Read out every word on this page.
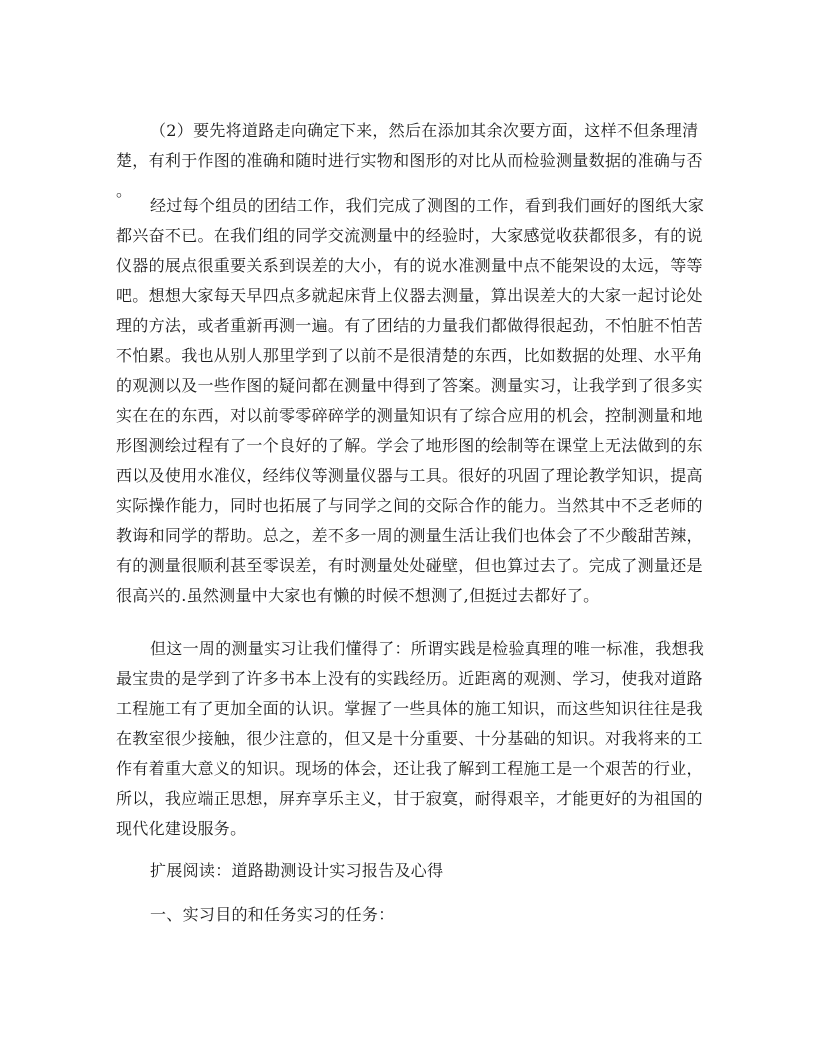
（2）要先将道路走向确定下来，然后在添加其余次要方面，这样不但条理清
楚，有利于作图的准确和随时进行实物和图形的对比从而检验测量数据的准确与否
。
经过每个组员的团结工作，我们完成了测图的工作，看到我们画好的图纸大家
都兴奋不已。在我们组的同学交流测量中的经验时，大家感觉收获都很多，有的说
仪器的展点很重要关系到误差的大小，有的说水准测量中点不能架设的太远，等等
吧。想想大家每天早四点多就起床背上仪器去测量，算出误差大的大家一起讨论处
理的方法，或者重新再测一遍。有了团结的力量我们都做得很起劲，不怕脏不怕苦
不怕累。我也从别人那里学到了以前不是很清楚的东西，比如数据的处理、水平角
的观测以及一些作图的疑问都在测量中得到了答案。测量实习，让我学到了很多实
实在在的东西，对以前零零碎碎学的测量知识有了综合应用的机会，控制测量和地
形图测绘过程有了一个良好的了解。学会了地形图的绘制等在课堂上无法做到的东
西以及使用水准仪，经纬仪等测量仪器与工具。很好的巩固了理论教学知识，提高
实际操作能力，同时也拓展了与同学之间的交际合作的能力。当然其中不乏老师的
教诲和同学的帮助。总之，差不多一周的测量生活让我们也体会了不少酸甜苦辣，
有的测量很顺利甚至零误差，有时测量处处碰壁，但也算过去了。完成了测量还是
很高兴的.虽然测量中大家也有懒的时候不想测了,但挺过去都好了。
但这一周的测量实习让我们懂得了：所谓实践是检验真理的唯一标准，我想我
最宝贵的是学到了许多书本上没有的实践经历。近距离的观测、学习，使我对道路
工程施工有了更加全面的认识。掌握了一些具体的施工知识，而这些知识往往是我
在教室很少接触，很少注意的，但又是十分重要、十分基础的知识。对我将来的工
作有着重大意义的知识。现场的体会，还让我了解到工程施工是一个艰苦的行业，
所以，我应端正思想，屏弃享乐主义，甘于寂寞，耐得艰辛，才能更好的为祖国的
现代化建设服务。
扩展阅读：道路勘测设计实习报告及心得
一、实习目的和任务实习的任务：
